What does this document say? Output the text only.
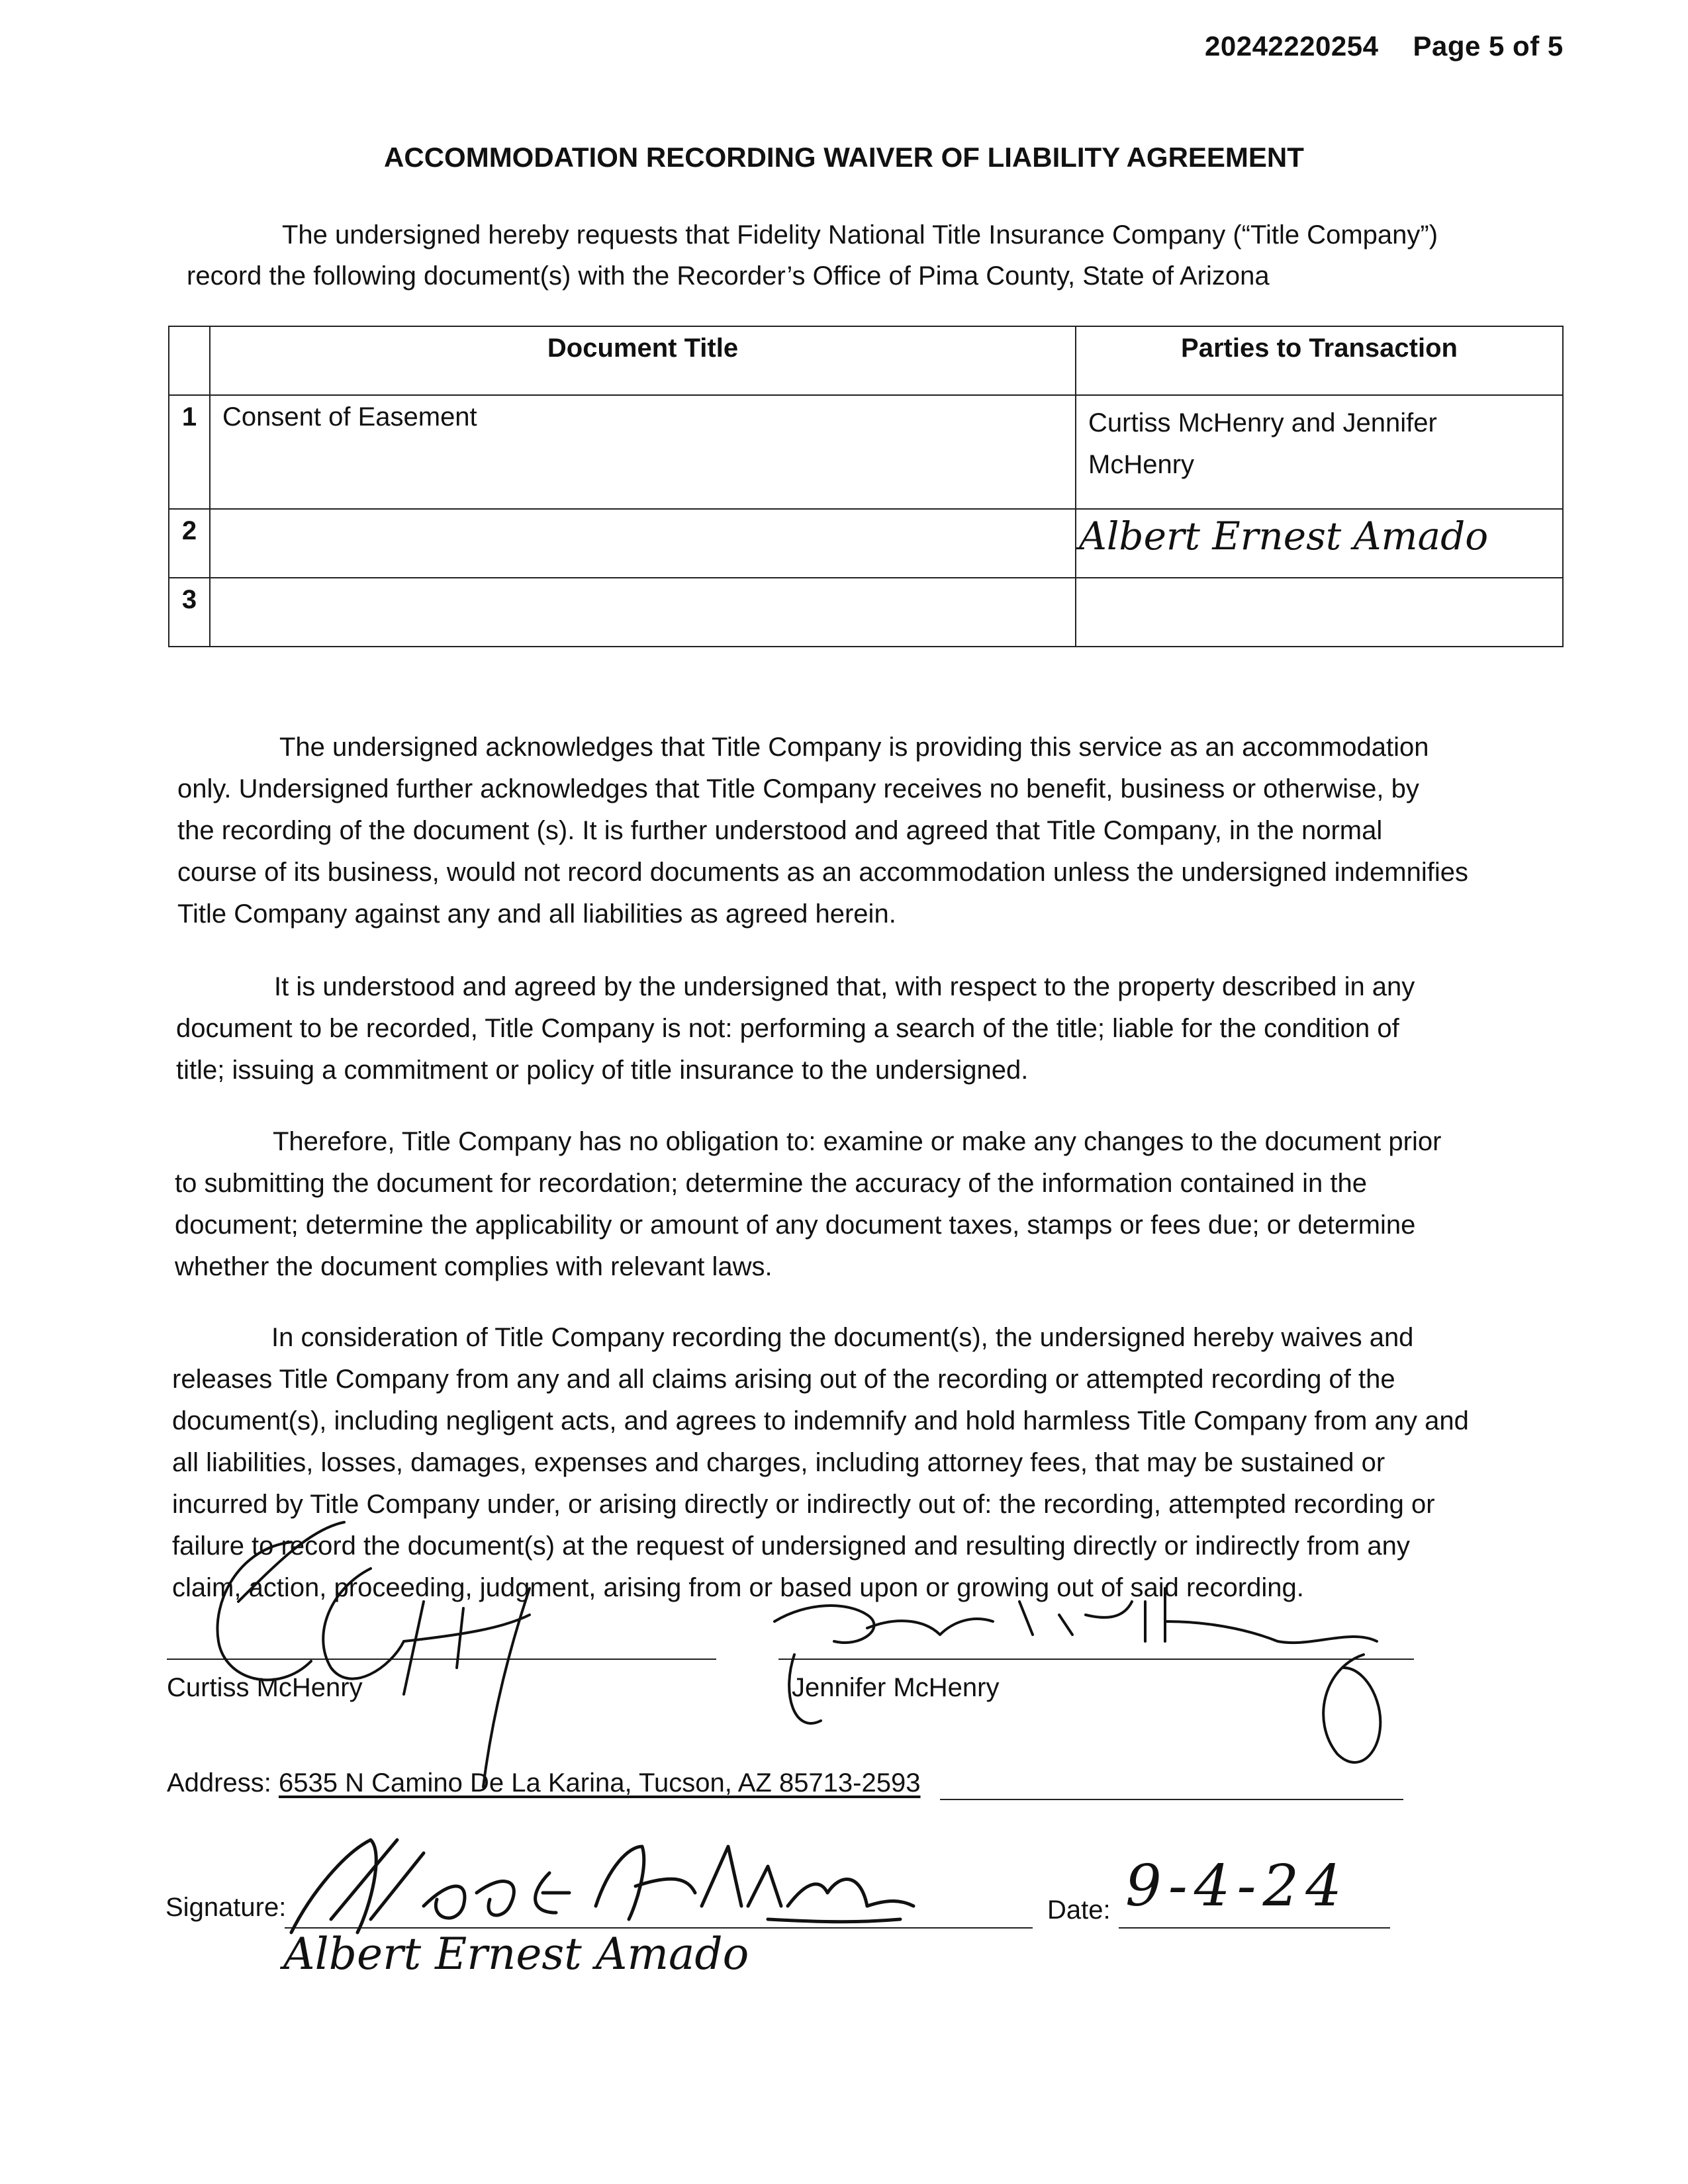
20242220254 Page 5 of 5
ACCOMMODATION RECORDING WAIVER OF LIABILITY AGREEMENT
The undersigned hereby requests that Fidelity National Title Insurance Company (“Title Company”)
record the following document(s) with the Recorder’s Office of Pima County, State of Arizona
	Document Title	Parties to Transaction
1	Consent of Easement	Curtiss McHenry and Jennifer
McHenry
2		Albert Ernest Amado

3		
The undersigned acknowledges that Title Company is providing this service as an accommodation
only. Undersigned further acknowledges that Title Company receives no benefit, business or otherwise, by
the recording of the document (s). It is further understood and agreed that Title Company, in the normal
course of its business, would not record documents as an accommodation unless the undersigned indemnifies
Title Company against any and all liabilities as agreed herein.
It is understood and agreed by the undersigned that, with respect to the property described in any
document to be recorded, Title Company is not: performing a search of the title; liable for the condition of
title; issuing a commitment or policy of title insurance to the undersigned.
Therefore, Title Company has no obligation to: examine or make any changes to the document prior
to submitting the document for recordation; determine the accuracy of the information contained in the
document; determine the applicability or amount of any document taxes, stamps or fees due; or determine
whether the document complies with relevant laws.
In consideration of Title Company recording the document(s), the undersigned hereby waives and
releases Title Company from any and all claims arising out of the recording or attempted recording of the
document(s), including negligent acts, and agrees to indemnify and hold harmless Title Company from any and
all liabilities, losses, damages, expenses and charges, including attorney fees, that may be sustained or
incurred by Title Company under, or arising directly or indirectly out of: the recording, attempted recording or
failure to record the document(s) at the request of undersigned and resulting directly or indirectly from any
claim, action, proceeding, judgment, arising from or based upon or growing out of said recording.
Curtiss McHenry	Jennifer McHenry
Address: 6535 N Camino De La Karina, Tucson, AZ 85713-2593
Signature:	Date: 9-4-24
Albert Ernest Amado
